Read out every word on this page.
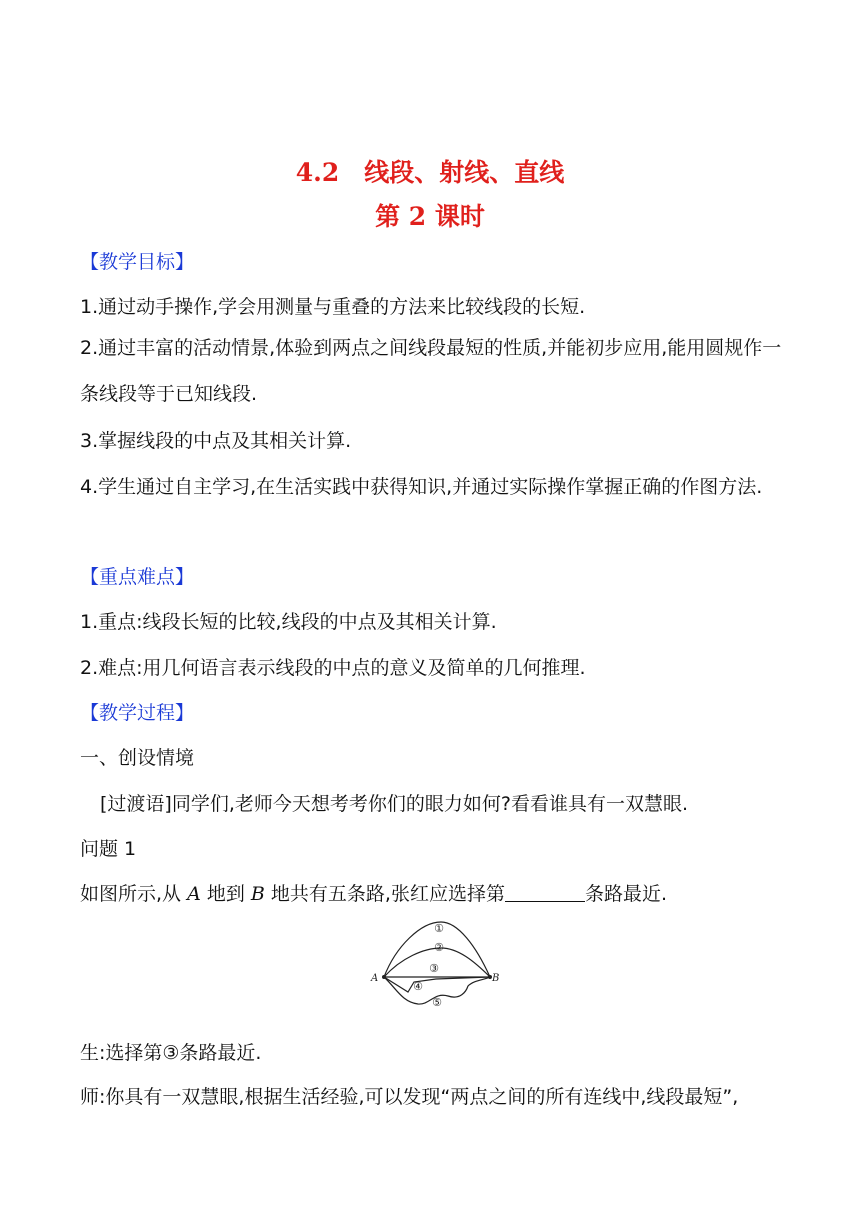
4.2　线段、射线、直线
第 2 课时
【教学目标】
1.通过动手操作,学会用测量与重叠的方法来比较线段的长短.

2.通过丰富的活动情景,体验到两点之间线段最短的性质,并能初步应用,能用圆规作一条线段等于已知线段.

3.掌握线段的中点及其相关计算.

4.学生通过自主学习,在生活实践中获得知识,并通过实际操作掌握正确的作图方法.

【重点难点】
1.重点:线段长短的比较,线段的中点及其相关计算.
2.难点:用几何语言表示线段的中点的意义及简单的几何推理.
【教学过程】
一、创设情境
[过渡语]同学们,老师今天想考考你们的眼力如何?看看谁具有一双慧眼.
问题 1
如图所示,从 A 地到 B 地共有五条路,张红应选择第	条路最近.
A	B
①
②
③
④
⑤
生:选择第③条路最近.
师:你具有一双慧眼,根据生活经验,可以发现“两点之间的所有连线中,线段最短”,
